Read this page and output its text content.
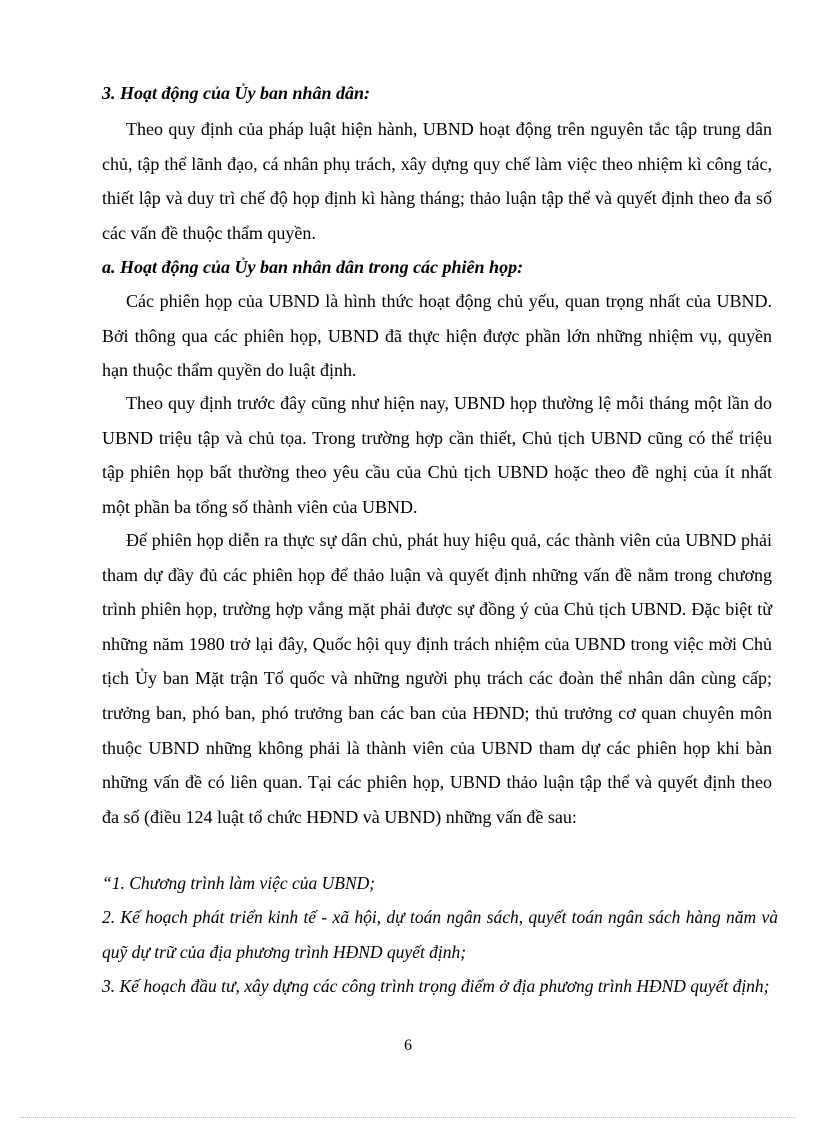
3. Hoạt động của Ủy ban nhân dân:

Theo quy định của pháp luật hiện hành, UBND hoạt động trên nguyên tắc tập trung dân chủ, tập thể lãnh đạo, cá nhân phụ trách, xây dựng quy chế làm việc theo nhiệm kì công tác, thiết lập và duy trì chế độ họp định kì hàng tháng; thảo luận tập thể và quyết định theo đa số các vấn đề thuộc thẩm quyền.

a. Hoạt động của Ủy ban nhân dân trong các phiên họp:

Các phiên họp của UBND là hình thức hoạt động chủ yếu, quan trọng nhất của UBND. Bởi thông qua các phiên họp, UBND đã thực hiện được phần lớn những nhiệm vụ, quyền hạn thuộc thẩm quyền do luật định.

Theo quy định trước đây cũng như hiện nay, UBND họp thường lệ mỗi tháng một lần do UBND triệu tập và chủ tọa. Trong trường hợp cần thiết, Chủ tịch UBND cũng có thể triệu tập phiên họp bất thường theo yêu cầu của Chủ tịch UBND hoặc theo đề nghị của ít nhất một phần ba tổng số thành viên của UBND.

Để phiên họp diễn ra thực sự dân chủ, phát huy hiệu quả, các thành viên của UBND phải tham dự đầy đủ các phiên họp để thảo luận và quyết định những vấn đề nằm trong chương trình phiên họp, trường hợp vắng mặt phải được sự đồng ý của Chủ tịch UBND. Đặc biệt từ những năm 1980 trở lại đây, Quốc hội quy định trách nhiệm của UBND trong việc mời Chủ tịch Ủy ban Mặt trận Tổ quốc và những người phụ trách các đoàn thể nhân dân cùng cấp; trưởng ban, phó ban, phó trưởng ban các ban của HĐND; thủ trưởng cơ quan chuyên môn thuộc UBND những không phải là thành viên của UBND tham dự các phiên họp khi bàn những vấn đề có liên quan. Tại các phiên họp, UBND thảo luận tập thể và quyết định theo đa số (điều 124 luật tổ chức HĐND và UBND) những vấn đề sau:

“1. Chương trình làm việc của UBND;

2. Kế hoạch phát triển kinh tế - xã hội, dự toán ngân sách, quyết toán ngân sách hàng năm và quỹ dự trữ của địa phương trình HĐND quyết định;

3. Kế hoạch đầu tư, xây dựng các công trình trọng điểm ở địa phương trình HĐND quyết định;

6
